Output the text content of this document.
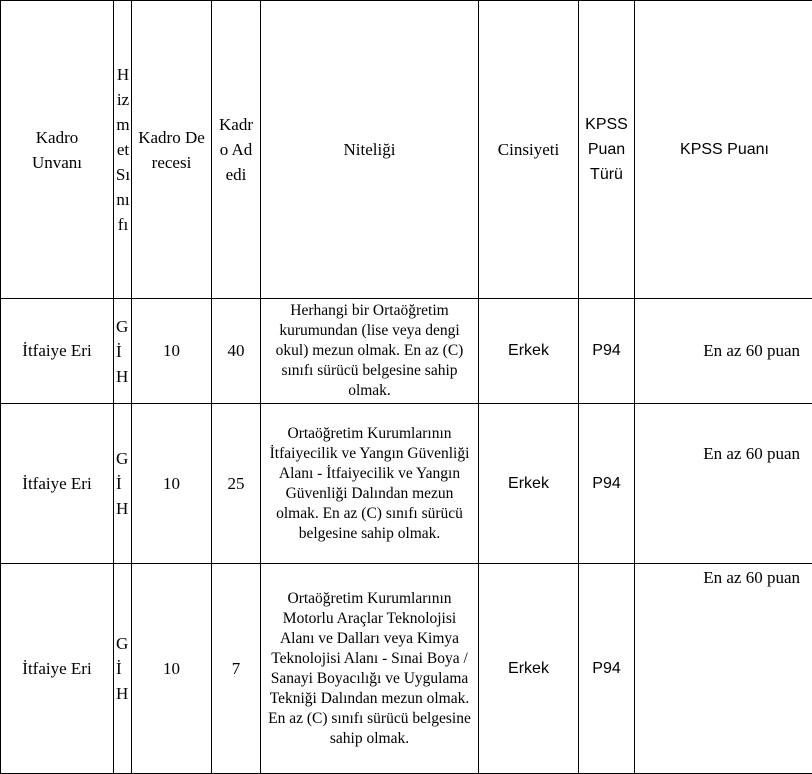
Kadro Unvanı	Hizmet Sınıfı	Kadro Derecesi	Kadro Adedi	Niteliği	Cinsiyeti	KPSS Puan Türü	KPSS Puanı
İtfaiye Eri	GİH	10	40	Herhangi bir Ortaöğretim kurumundan (lise veya dengi okul) mezun olmak. En az (C) sınıfı sürücü belgesine sahip olmak.	Erkek	P94	En az 60 puan
İtfaiye Eri	GİH	10	25	Ortaöğretim Kurumlarının İtfaiyecilik ve Yangın Güvenliği Alanı - İtfaiyecilik ve Yangın Güvenliği Dalından mezun olmak. En az (C) sınıfı sürücü belgesine sahip olmak.	Erkek	P94	En az 60 puan
İtfaiye Eri	GİH	10	7	Ortaöğretim Kurumlarının Motorlu Araçlar Teknolojisi Alanı ve Dalları veya Kimya Teknolojisi Alanı - Sınai Boya / Sanayi Boyacılığı ve Uygulama Tekniği Dalından mezun olmak. En az (C) sınıfı sürücü belgesine sahip olmak.	Erkek	P94	En az 60 puan
